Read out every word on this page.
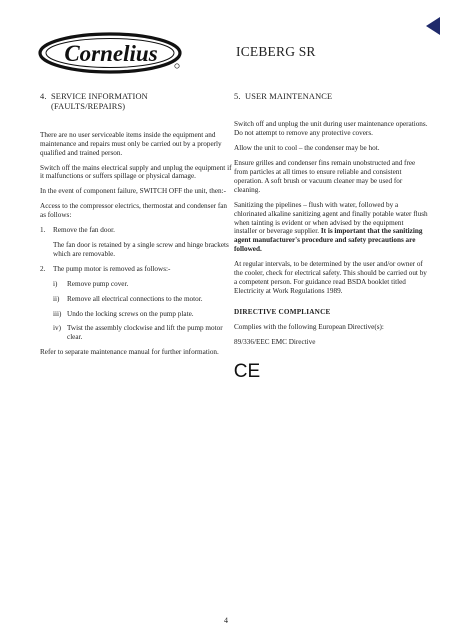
Cornelius	ICEBERG SR
4. SERVICE INFORMATION
(FAULTS/REPAIRS)

There are no user serviceable items inside the equipment and maintenance and repairs must only be carried out by a properly qualified and trained person.

Switch off the mains electrical supply and unplug the equipment if it malfunctions or suffers spillage or physical damage.

In the event of component failure, SWITCH OFF the unit, then:-

Access to the compressor electrics, thermostat and condenser fan as follows:

1.	Remove the fan door.

The fan door is retained by a single screw and hinge brackets which are removable.

2.	The pump motor is removed as follows:-
i)	Remove pump cover.
ii)	Remove all electrical connections to the motor.
iii) Undo the locking screws on the pump plate.
iv) Twist the assembly clockwise and lift the pump motor clear.

Refer to separate maintenance manual for further information.

5. USER MAINTENANCE

Switch off and unplug the unit during user maintenance operations. Do not attempt to remove any protective covers.

Allow the unit to cool – the condenser may be hot.

Ensure grilles and condenser fins remain unobstructed and free from particles at all times to ensure reliable and consistent operation. A soft brush or vacuum cleaner may be used for cleaning.

Sanitizing the pipelines – flush with water, followed by a chlorinated alkaline sanitizing agent and finally potable water flush when tainting is evident or when advised by the equipment installer or beverage supplier. It is important that the sanitizing agent manufacturer's procedure and safety precautions are followed.

At regular intervals, to be determined by the user and/or owner of the cooler, check for electrical safety. This should be carried out by a competent person. For guidance read BSDA booklet titled Electricity at Work Regulations 1989.

DIRECTIVE COMPLIANCE

Complies with the following European Directive(s):

89/336/EEC EMC Directive

CE
4
